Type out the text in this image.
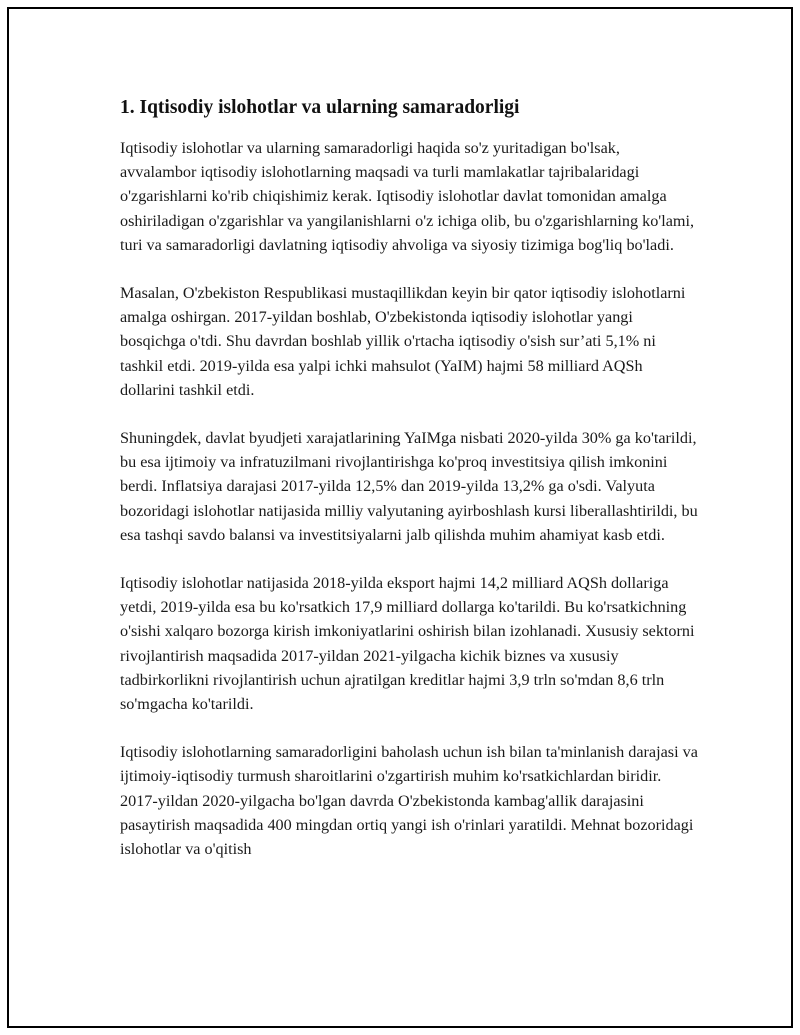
1. Iqtisodiy islohotlar va ularning samaradorligi

Iqtisodiy islohotlar va ularning samaradorligi haqida so'z yuritadigan bo'lsak, avvalambor iqtisodiy islohotlarning maqsadi va turli mamlakatlar tajribalaridagi o'zgarishlarni ko'rib chiqishimiz kerak. Iqtisodiy islohotlar davlat tomonidan amalga oshiriladigan o'zgarishlar va yangilanishlarni o'z ichiga olib, bu o'zgarishlarning ko'lami, turi va samaradorligi davlatning iqtisodiy ahvoliga va siyosiy tizimiga bog'liq bo'ladi.

Masalan, O'zbekiston Respublikasi mustaqillikdan keyin bir qator iqtisodiy islohotlarni amalga oshirgan. 2017-yildan boshlab, O'zbekistonda iqtisodiy islohotlar yangi bosqichga o'tdi. Shu davrdan boshlab yillik o'rtacha iqtisodiy o'sish sur’ati 5,1% ni tashkil etdi. 2019-yilda esa yalpi ichki mahsulot (YaIM) hajmi 58 milliard AQSh dollarini tashkil etdi.

Shuningdek, davlat byudjeti xarajatlarining YaIMga nisbati 2020-yilda 30% ga ko'tarildi, bu esa ijtimoiy va infratuzilmani rivojlantirishga ko'proq investitsiya qilish imkonini berdi. Inflatsiya darajasi 2017-yilda 12,5% dan 2019-yilda 13,2% ga o'sdi. Valyuta bozoridagi islohotlar natijasida milliy valyutaning ayirboshlash kursi liberallashtirildi, bu esa tashqi savdo balansi va investitsiyalarni jalb qilishda muhim ahamiyat kasb etdi.

Iqtisodiy islohotlar natijasida 2018-yilda eksport hajmi 14,2 milliard AQSh dollariga yetdi, 2019-yilda esa bu ko'rsatkich 17,9 milliard dollarga ko'tarildi. Bu ko'rsatkichning o'sishi xalqaro bozorga kirish imkoniyatlarini oshirish bilan izohlanadi. Xususiy sektorni rivojlantirish maqsadida 2017-yildan 2021-yilgacha kichik biznes va xususiy tadbirkorlikni rivojlantirish uchun ajratilgan kreditlar hajmi 3,9 trln so'mdan 8,6 trln so'mgacha ko'tarildi.

Iqtisodiy islohotlarning samaradorligini baholash uchun ish bilan ta'minlanish darajasi va ijtimoiy-iqtisodiy turmush sharoitlarini o'zgartirish muhim ko'rsatkichlardan biridir. 2017-yildan 2020-yilgacha bo'lgan davrda O'zbekistonda kambag'allik darajasini pasaytirish maqsadida 400 mingdan ortiq yangi ish o'rinlari yaratildi. Mehnat bozoridagi islohotlar va o'qitish
